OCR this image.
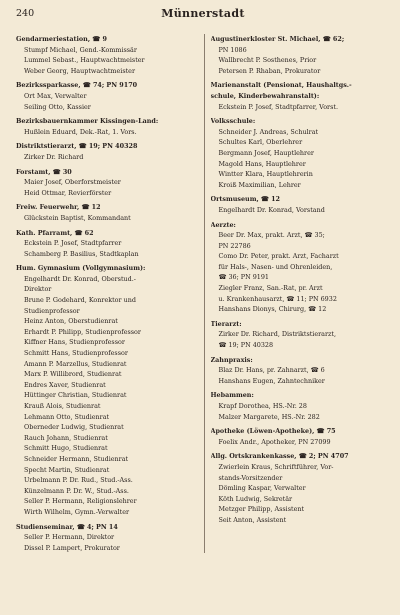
240	Münnerstadt
Gendarmeriestation, ☎ 9
Stumpf Michael, Gend.-Kommissär
Lummel Sebast., Hauptwachtmeister
Weber Georg, Hauptwachtmeister
Bezirkssparkasse, ☎ 74; PN 9170
Ort Max, Verwalter
Seiling Otto, Kassier
Bezirksbauernkammer Kissingen-Land:
Hußlein Eduard, Dek.-Rat, 1. Vors.
Distriktstierarzt, ☎ 19; PN 40328
Zirker Dr. Richard
Forstamt, ☎ 30
Maier Josef, Oberforstmeister
Heid Ottmar, Revierförster
Freiw. Feuerwehr, ☎ 12
Glückstein Baptist, Kommandant
Kath. Pfarramt, ☎ 62
Eckstein P. Josef, Stadtpfarrer
Schamberg P. Basilius, Stadtkaplan
Hum. Gymnasium (Vollgymnasium):
Engelhardt Dr. Konrad, Oberstud.-
Direktor
Brune P. Godehard, Konrektor und
Studienprofessor
Heinz Anton, Oberstudienrat
Erhardt P. Philipp, Studienprofessor
Kiffner Hans, Studienprofessor
Schmitt Hans, Studienprofessor
Amann P. Marzellus, Studienrat
Marx P. Willibrord, Studienrat
Endres Xaver, Studienrat
Hüttinger Christian, Studienrat
Krauß Alois, Studienrat
Lehmann Otto, Studienrat
Oberneder Ludwig, Studienrat
Rauch Johann, Studienrat
Schmitt Hugo, Studienrat
Schneider Hermann, Studienrat
Specht Martin, Studienrat
Urbelmann P. Dr. Rud., Stud.-Ass.
Künzelmann P. Dr. W., Stud.-Ass.
Seller P. Hermann, Religionslehrer
Wirth Wilhelm, Gymn.-Verwalter
Studienseminar, ☎ 4; PN 14
Seller P. Hermann, Direktor
Dissel P. Lampert, Prokurator
Augustinerkloster St. Michael, ☎ 62;
PN 1086
Wallbrecht P. Sosthenes, Prior
Petersen P. Rhaban, Prokurator
Marienanstalt (Pensionat, Haushaltgs.-
schule, Kinderbewahranstalt):
Eckstein P. Josef, Stadtpfarrer, Vorst.
Volksschule:
Schneider J. Andreas, Schulrat
Schultes Karl, Oberlehrer
Bergmann Josef, Hauptlehrer
Magold Hans, Hauptlehrer
Wintter Klara, Hauptlehrerin
Kroiß Maximilian, Lehrer
Ortsmuseum, ☎ 12
Engelhardt Dr. Konrad, Vorstand
Aerzte:
Beer Dr. Max, prakt. Arzt, ☎ 35;
PN 22786
Como Dr. Peter, prakt. Arzt, Facharzt
für Hals-, Nasen- und Ohrenleiden,
☎ 36; PN 9191
Ziegler Franz, San.-Rat, pr. Arzt
u. Krankenhausarzt, ☎ 11; PN 6932
Hanshans Dionys, Chirurg, ☎ 12
Tierarzt:
Zirker Dr. Richard, Distriktstierarzt,
☎ 19; PN 40328
Zahnpraxis:
Blaz Dr. Hans, pr. Zahnarzt, ☎ 6
Hanshans Eugen, Zahntechniker
Hebammen:
Krapf Dorothea, HS.-Nr. 28
Malzer Margarete, HS.-Nr. 282
Apotheke (Löwen-Apotheke), ☎ 75
Foelix Andr., Apotheker, PN 27099
Allg. Ortskrankenkasse, ☎ 2; PN 4707
Zwierlein Kraus, Schriftführer, Vor-
stands-Vorsitzender
Dömling Kaspar, Verwalter
Köth Ludwig, Sekretär
Metzger Philipp, Assistent
Seit Anton, Assistent
